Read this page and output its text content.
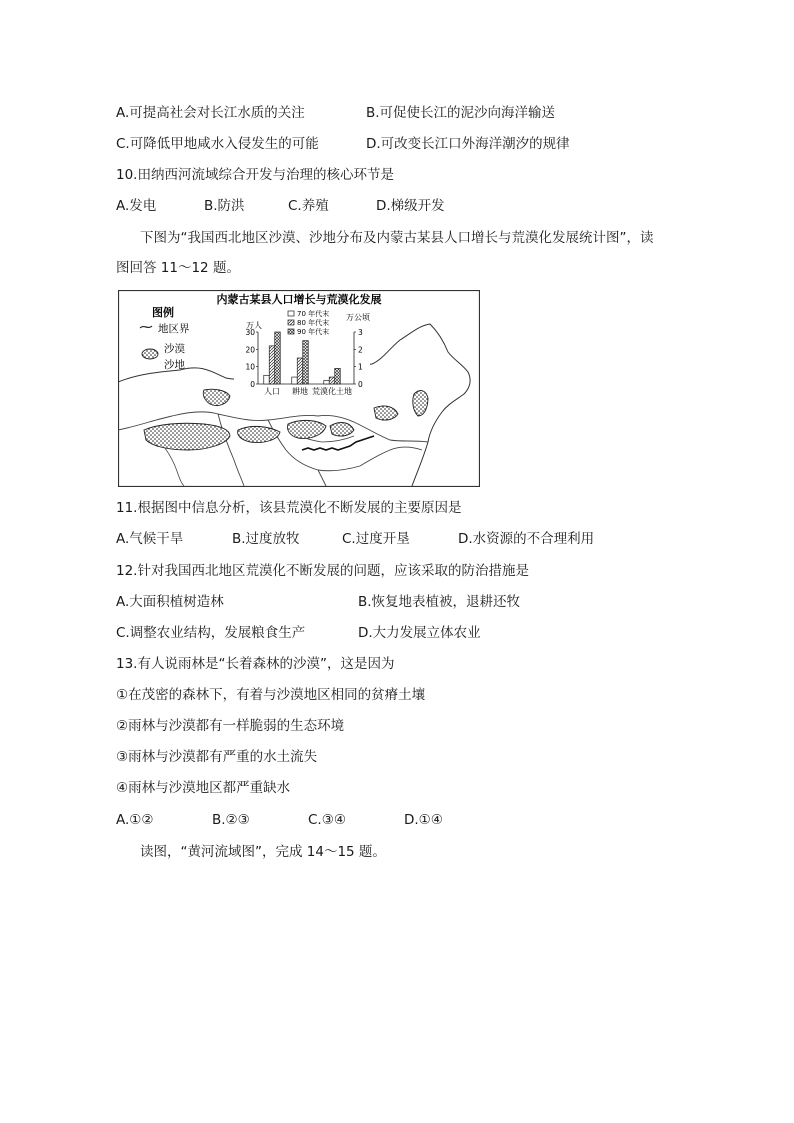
A.可提高社会对长江水质的关注	B.可促使长江的泥沙向海洋输送
C.可降低甲地咸水入侵发生的可能	D.可改变长江口外海洋潮汐的规律
10.田纳西河流域综合开发与治理的核心环节是
A.发电	B.防洪	C.养殖	D.梯级开发
下图为“我国西北地区沙漠、沙地分布及内蒙古某县人口增长与荒漠化发展统计图”，读
图回答 11～12 题。
图例
地区界
沙漠
沙地
内蒙古某县人口增长与荒漠化发展
70 年代末
80 年代末
90 年代末
万人
万公顷
0
10
20
30
0
1
2
3
人口 耕地 荒漠化土地
11.根据图中信息分析，该县荒漠化不断发展的主要原因是
A.气候干旱	B.过度放牧	C.过度开垦	D.水资源的不合理利用
12.针对我国西北地区荒漠化不断发展的问题，应该采取的防治措施是
A.大面积植树造林	B.恢复地表植被，退耕还牧
C.调整农业结构，发展粮食生产	D.大力发展立体农业
13.有人说雨林是“长着森林的沙漠”，这是因为
①在茂密的森林下，有着与沙漠地区相同的贫瘠土壤
②雨林与沙漠都有一样脆弱的生态环境
③雨林与沙漠都有严重的水土流失
④雨林与沙漠地区都严重缺水
A.①②	B.②③	C.③④	D.①④
读图，“黄河流域图”，完成 14～15 题。
